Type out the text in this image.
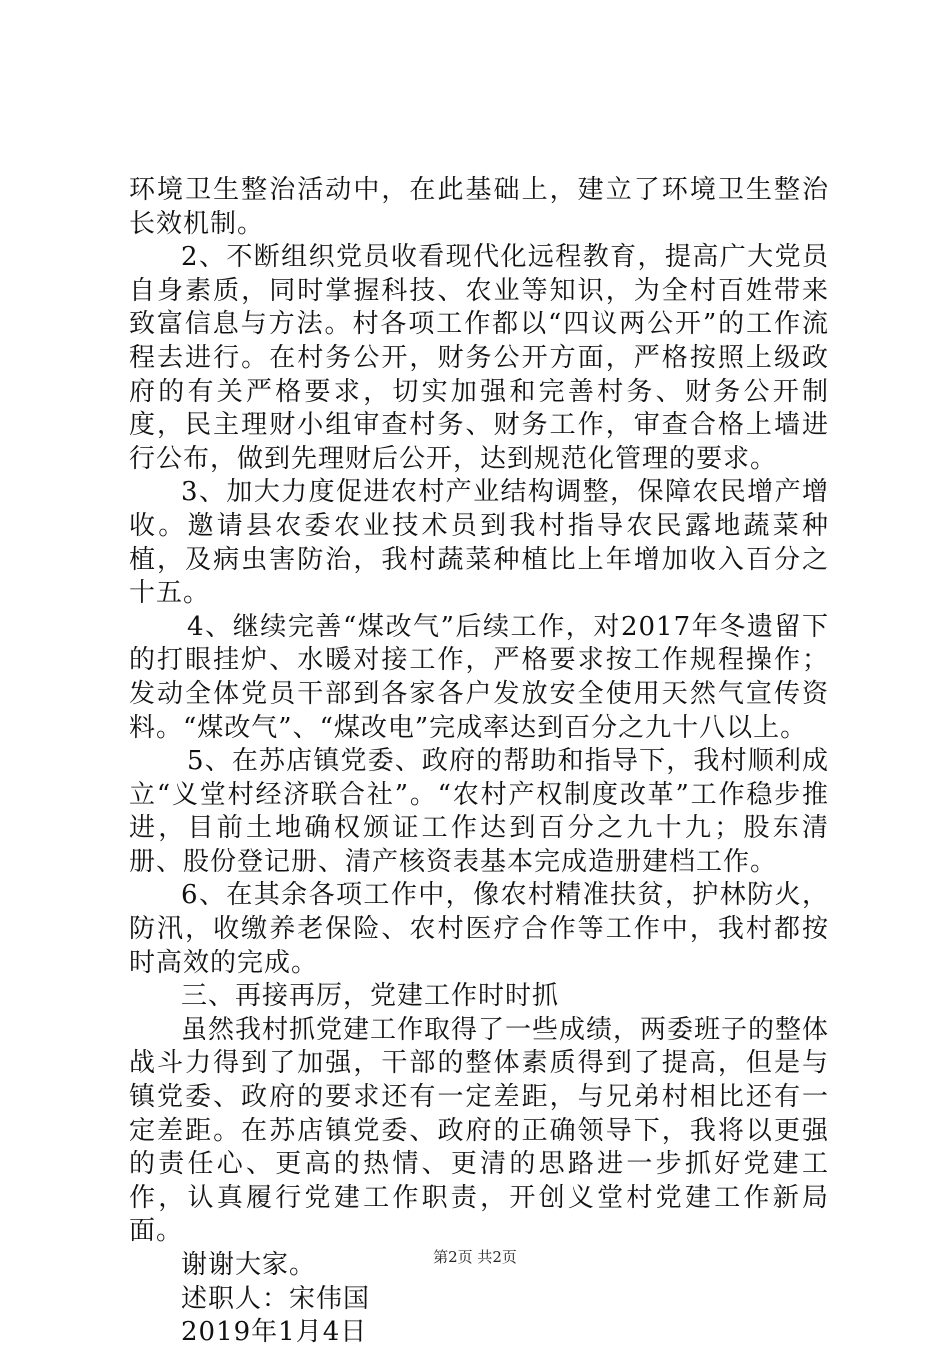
环境卫生整治活动中，在此基础上，建立了环境卫生整治长效机制。

2、不断组织党员收看现代化远程教育，提高广大党员自身素质，同时掌握科技、农业等知识，为全村百姓带来致富信息与方法。村各项工作都以“四议两公开”的工作流程去进行。在村务公开，财务公开方面，严格按照上级政府的有关严格要求，切实加强和完善村务、财务公开制度，民主理财小组审查村务、财务工作，审查合格上墙进行公布，做到先理财后公开，达到规范化管理的要求。

3、加大力度促进农村产业结构调整，保障农民增产增收。邀请县农委农业技术员到我村指导农民露地蔬菜种植，及病虫害防治，我村蔬菜种植比上年增加收入百分之十五。

4、继续完善“煤改气”后续工作，对2017年冬遗留下的打眼挂炉、水暖对接工作，严格要求按工作规程操作；发动全体党员干部到各家各户发放安全使用天然气宣传资料。“煤改气”、“煤改电”完成率达到百分之九十八以上。

5、在苏店镇党委、政府的帮助和指导下，我村顺利成立“义堂村经济联合社”。“农村产权制度改革”工作稳步推进，目前土地确权颁证工作达到百分之九十九；股东清册、股份登记册、清产核资表基本完成造册建档工作。

6、在其余各项工作中，像农村精准扶贫，护林防火，防汛，收缴养老保险、农村医疗合作等工作中，我村都按时高效的完成。

三、再接再厉，党建工作时时抓

虽然我村抓党建工作取得了一些成绩，两委班子的整体战斗力得到了加强，干部的整体素质得到了提高，但是与镇党委、政府的要求还有一定差距，与兄弟村相比还有一定差距。在苏店镇党委、政府的正确领导下，我将以更强的责任心、更高的热情、更清的思路进一步抓好党建工作，认真履行党建工作职责，开创义堂村党建工作新局面。

谢谢大家。

述职人：宋伟国

2019年1月4日

第2页 共2页
